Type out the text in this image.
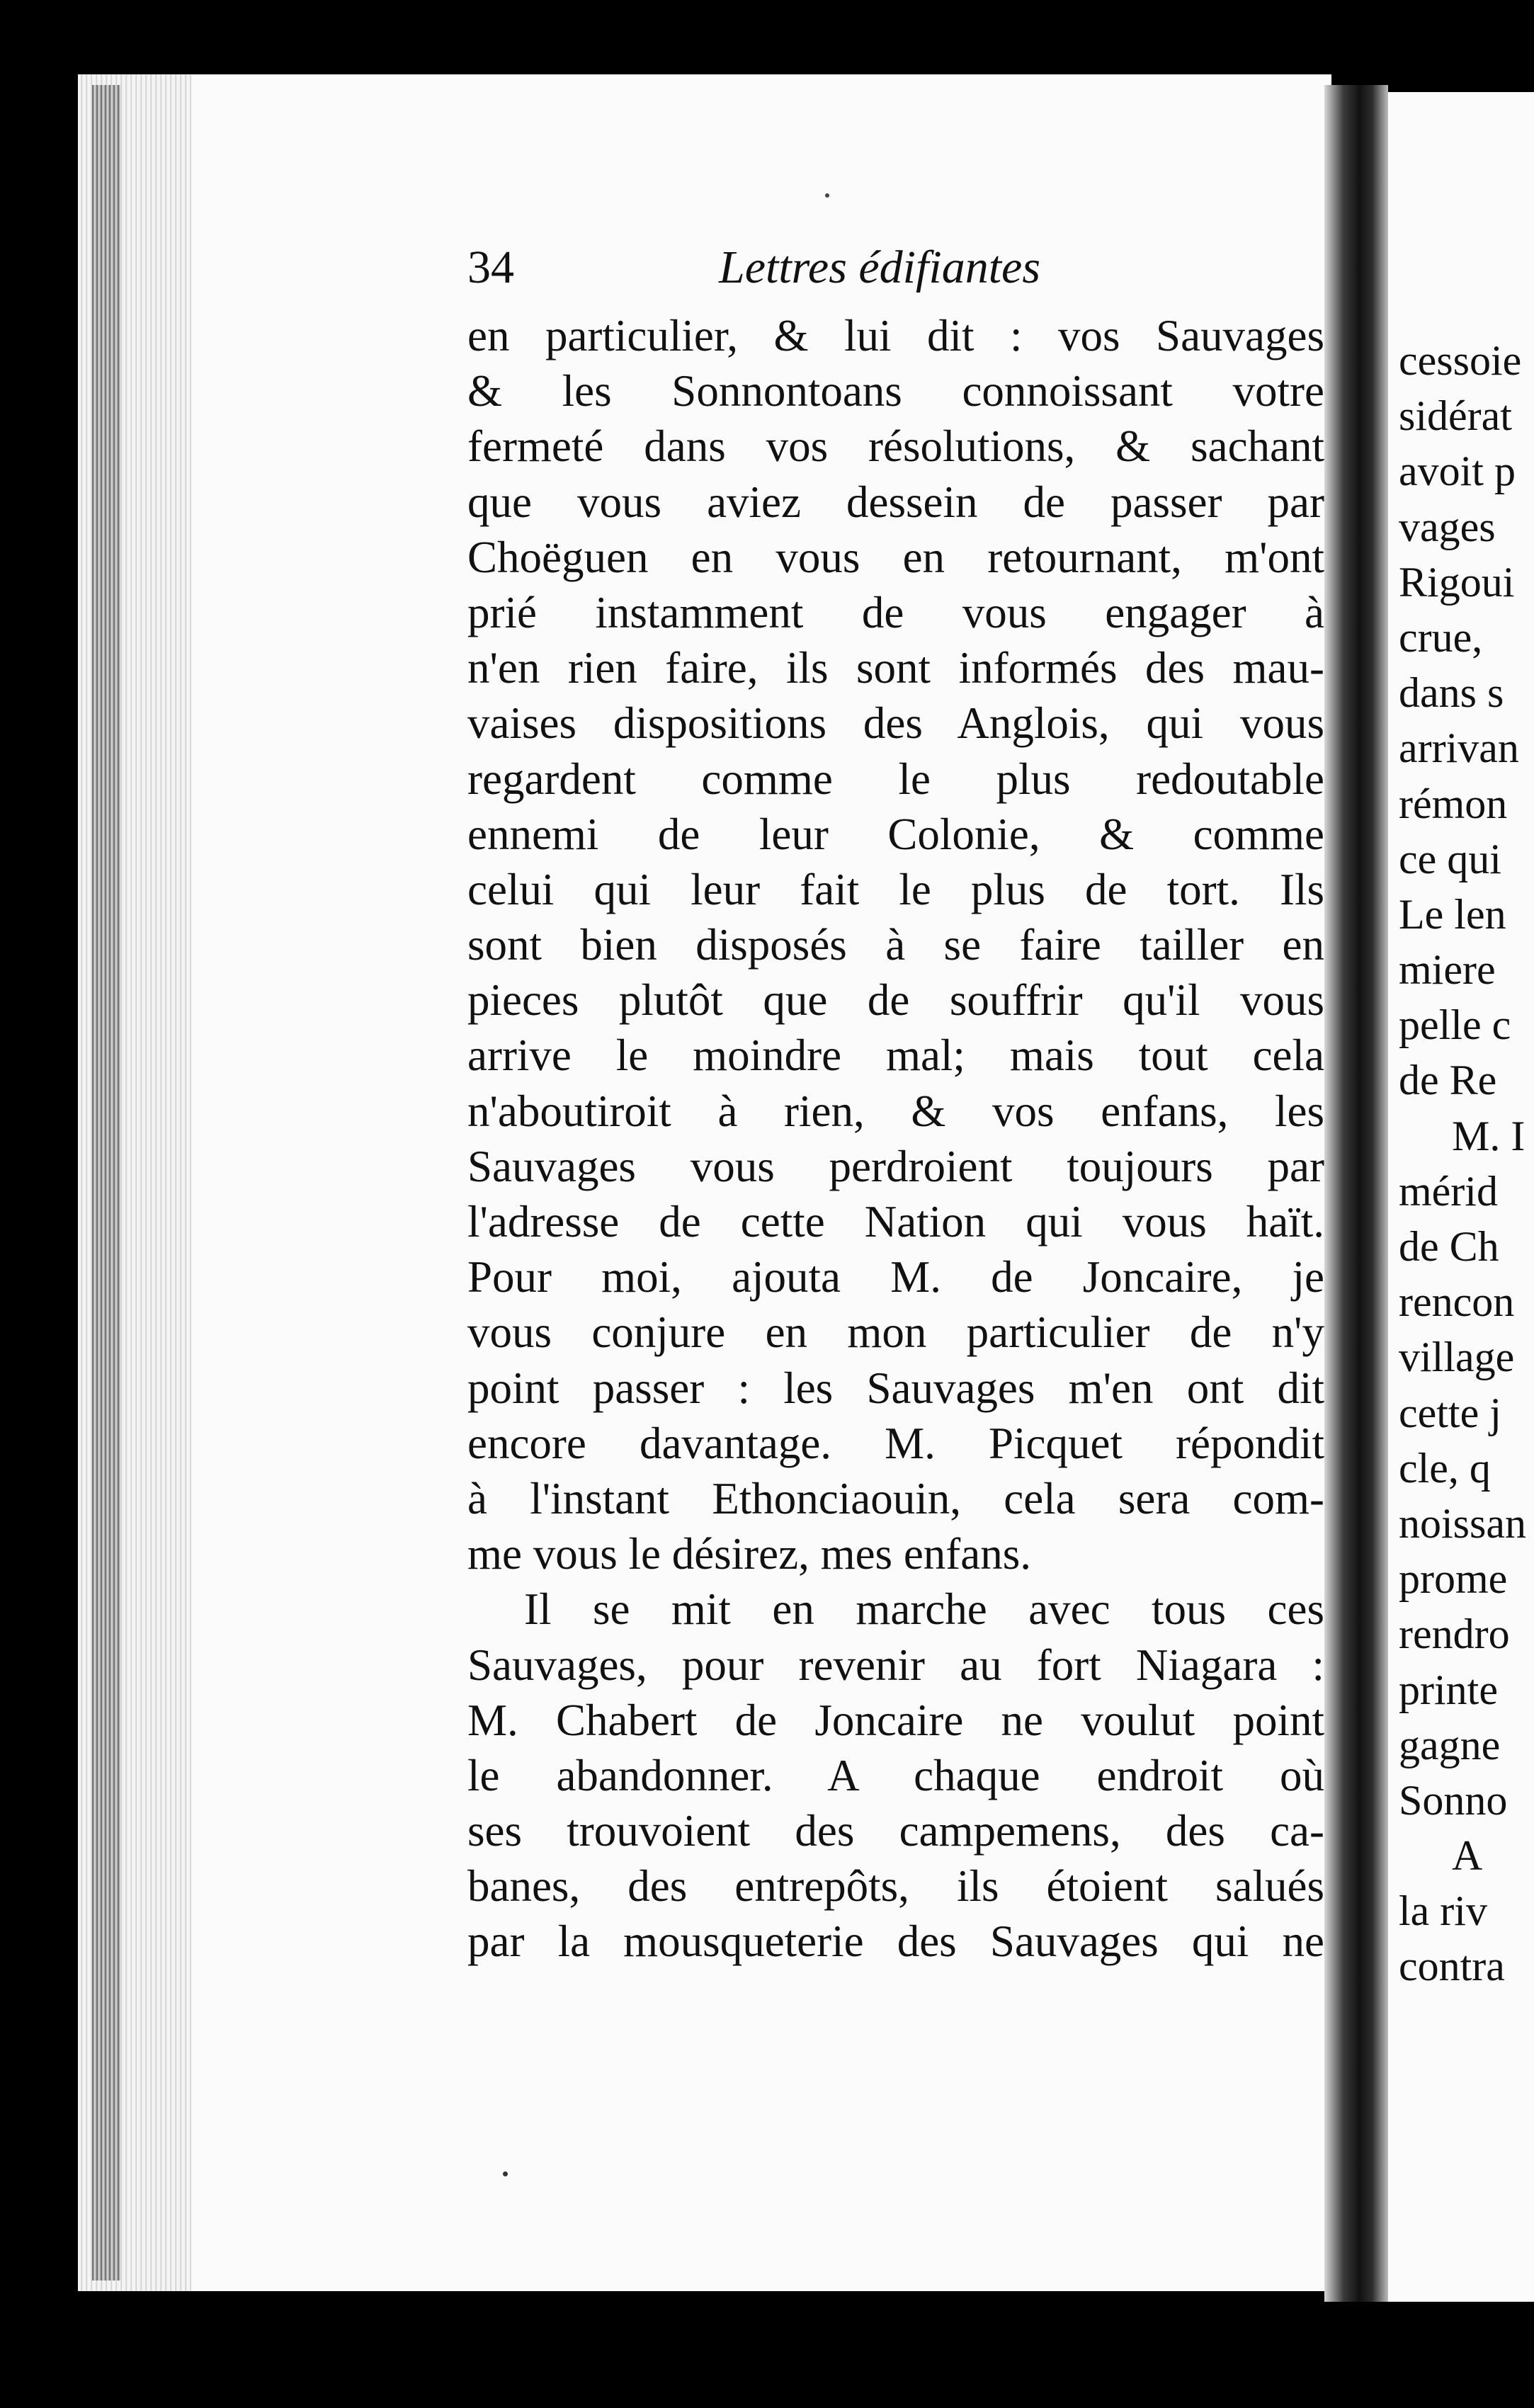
34	Lettres édifiantes
en particulier, & lui dit : vos Sauvages
& les Sonnontoans connoissant votre
fermeté dans vos résolutions, & sachant
que vous aviez dessein de passer par
Choëguen en vous en retournant, m'ont
prié instamment de vous engager à
n'en rien faire, ils sont informés des mau-
vaises dispositions des Anglois, qui vous
regardent comme le plus redoutable
ennemi de leur Colonie, & comme
celui qui leur fait le plus de tort. Ils
sont bien disposés à se faire tailler en
pieces plutôt que de souffrir qu'il vous
arrive le moindre mal; mais tout cela
n'aboutiroit à rien, & vos enfans, les
Sauvages vous perdroient toujours par
l'adresse de cette Nation qui vous haït.
Pour moi, ajouta M. de Joncaire, je
vous conjure en mon particulier de n'y
point passer : les Sauvages m'en ont dit
encore davantage. M. Picquet répondit
à l'instant Ethonciaouin, cela sera com-
me vous le désirez, mes enfans.
Il se mit en marche avec tous ces
Sauvages, pour revenir au fort Niagara :
M. Chabert de Joncaire ne voulut point
le abandonner. A chaque endroit où
ses trouvoient des campemens, des ca-
banes, des entrepôts, ils étoient salués
par la mousqueterie des Sauvages qui ne
cessoie
sidérat
avoit p
vages
Rigoui
crue,
dans s
arrivan
rémon
ce qui
Le len
miere
pelle c
de Re
M. I
mérid
de Ch
rencon
village
cette j
cle, q
noissan
prome
rendro
printe
gagne
Sonno
A
la riv
contra
